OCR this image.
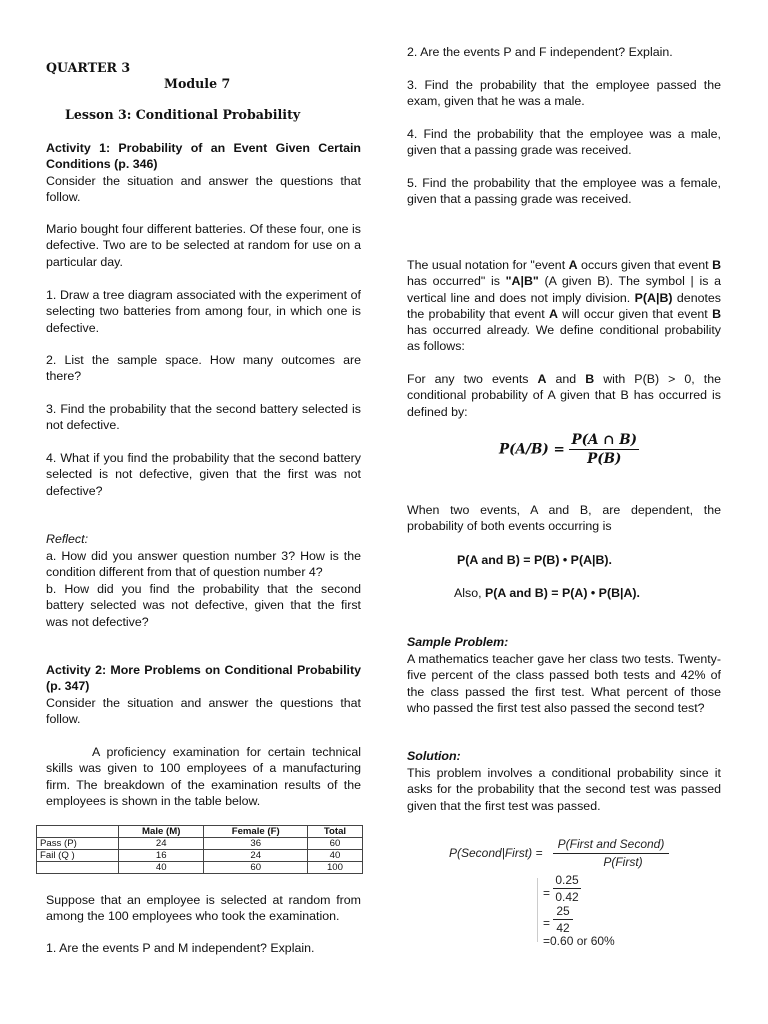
QUARTER 3
Module 7
Lesson 3: Conditional Probability
Activity 1: Probability of an Event Given Certain Conditions (p. 346)
Consider the situation and answer the questions that follow.
Mario bought four different batteries. Of these four, one is defective. Two are to be selected at random for use on a particular day.
1. Draw a tree diagram associated with the experiment of selecting two batteries from among four, in which one is defective.
2. List the sample space. How many outcomes are there?
3. Find the probability that the second battery selected is not defective.
4. What if you find the probability that the second battery selected is not defective, given that the first was not defective?
Reflect:
a. How did you answer question number 3? How is the condition different from that of question number 4?
b. How did you find the probability that the second battery selected was not defective, given that the first was not defective?
Activity 2: More Problems on Conditional Probability (p. 347)
Consider the situation and answer the questions that follow.
A proficiency examination for certain technical skills was given to 100 employees of a manufacturing firm. The breakdown of the examination results of the employees is shown in the table below.
	Male (M)	Female (F)	Total
Pass (P)	24	36	60
Fail (Q )	16	24	40
	40	60	100
Suppose that an employee is selected at random from among the 100 employees who took the examination.
1. Are the events P and M independent? Explain.
2. Are the events P and F independent? Explain.
3. Find the probability that the employee passed the exam, given that he was a male.
4. Find the probability that the employee was a male, given that a passing grade was received.
5. Find the probability that the employee was a female, given that a passing grade was received.
The usual notation for "event A occurs given that event B has occurred" is "A|B" (A given B). The symbol | is a vertical line and does not imply division. P(A|B) denotes the probability that event A will occur given that event B has occurred already. We define conditional probability as follows:
For any two events A and B with P(B) > 0, the conditional probability of A given that B has occurred is defined by:
$P(A/B) = \frac{P(A \cap B)}{P(B)}$
When two events, A and B, are dependent, the probability of both events occurring is
P(A and B) = P(B) • P(A|B).
Also, P(A and B) = P(A) • P(B|A).
Sample Problem:
A mathematics teacher gave her class two tests. Twenty-five percent of the class passed both tests and 42% of the class passed the first test. What percent of those who passed the first test also passed the second test?
Solution:
This problem involves a conditional probability since it asks for the probability that the second test was passed given that the first test was passed.
P(Second|First) =
P(First and Second)
P(First)
= $\frac{0.25}{0.42}$
= $\frac{25}{42}$
=0.60 or 60%
